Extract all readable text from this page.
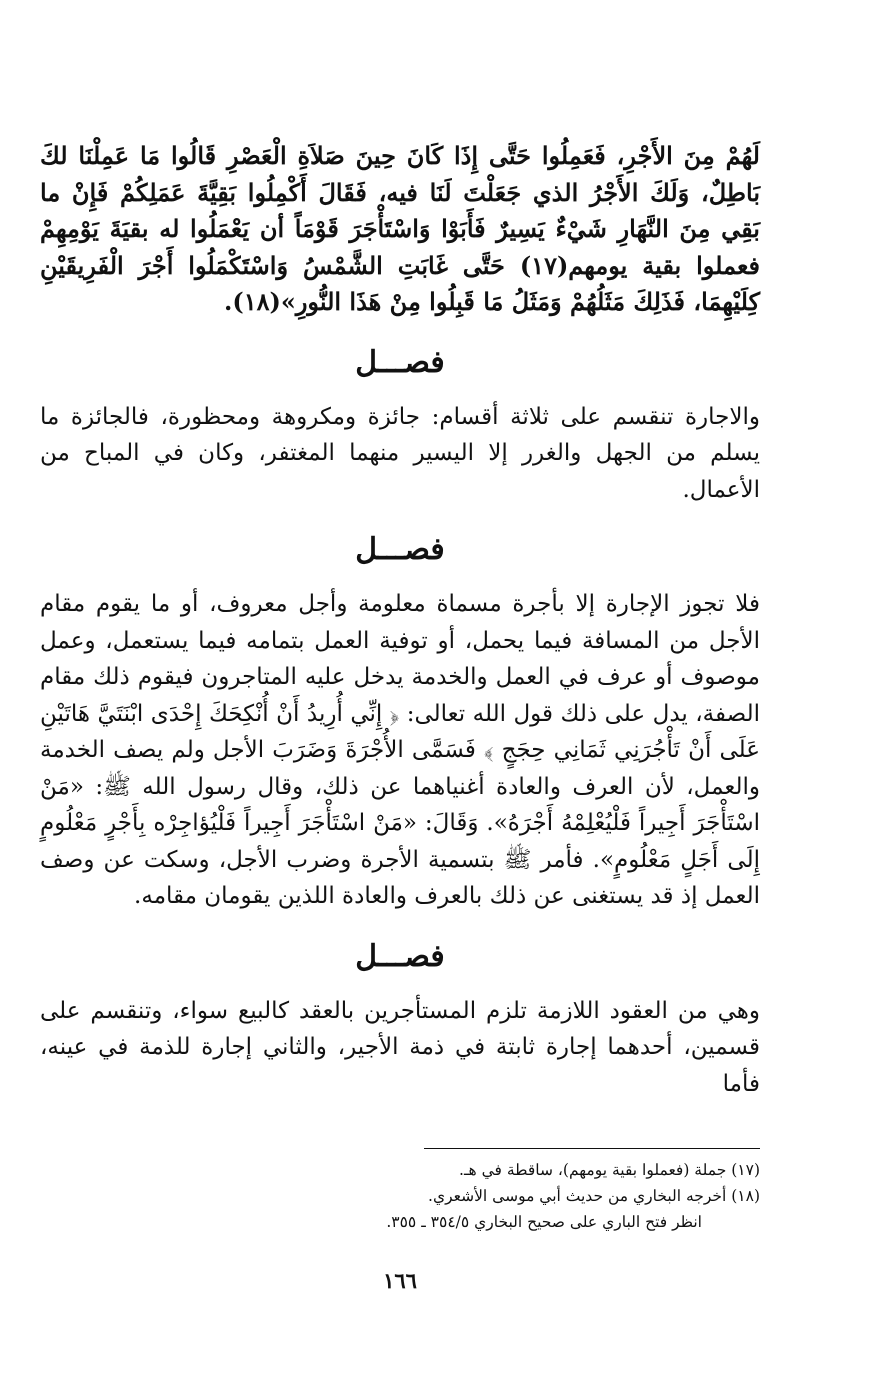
لَهُمْ مِنَ الأَجْرِ، فَعَمِلُوا حَتَّى إِذَا كَانَ حِينَ صَلاَةِ الْعَصْرِ قَالُوا مَا عَمِلْنَا لكَ بَاطِلٌ، وَلَكَ الأَجْرُ الذي جَعَلْتَ لَنَا فيه، فَقَالَ أَكْمِلُوا بَقِيَّةَ عَمَلِكُمْ فَإِنْ ما بَقِي مِنَ النَّهَارِ شَيْءٌ يَسِيرٌ فَأَبَوْا وَاسْتَأْجَرَ قَوْمَاً أن يَعْمَلُوا له بقيَةَ يَوْمِهِمْ فعملوا بقية يومهم(١٧) حَتَّى غَابَتِ الشَّمْسُ وَاسْتَكْمَلُوا أَجْرَ الْفَرِيقَيْنِ كِلَيْهِمَا، فَذَلِكَ مَثَلُهُمْ وَمَثَلُ مَا قَبِلُوا مِنْ هَذَا النُّورِ»(١٨).

فصـــل

والاجارة تنقسم على ثلاثة أقسام: جائزة ومكروهة ومحظورة، فالجائزة ما يسلم من الجهل والغرر إلا اليسير منهما المغتفر، وكان في المباح من الأعمال.

فصـــل

فلا تجوز الإجارة إلا بأجرة مسماة معلومة وأجل معروف، أو ما يقوم مقام الأجل من المسافة فيما يحمل، أو توفية العمل بتمامه فيما يستعمل، وعمل موصوف أو عرف في العمل والخدمة يدخل عليه المتاجرون فيقوم ذلك مقام الصفة، يدل على ذلك قول الله تعالى: ﴿ إِنِّي أُرِيدُ أَنْ أُنْكِحَكَ إِحْدَى ابْنَتَيَّ هَاتَيْنِ عَلَى أَنْ تَأْجُرَنِي ثَمَانِي حِجَجٍ ﴾ فَسَمَّى الأُجْرَةَ وَضَرَبَ الأجل ولم يصف الخدمة والعمل، لأن العرف والعادة أغنياهما عن ذلك، وقال رسول الله ﷺ: «مَنْ اسْتَأْجَرَ أَجِيراً فَلْيُعْلِمْهُ أَجْرَهُ». وَقَالَ: «مَنْ اسْتَأْجَرَ أَجِيراً فَلْيُؤاجِرْه بِأَجْرٍ مَعْلُومٍ إِلَى أَجَلٍ مَعْلُومٍ». فأمر ﷺ بتسمية الأجرة وضرب الأجل، وسكت عن وصف العمل إذ قد يستغنى عن ذلك بالعرف والعادة اللذين يقومان مقامه.

فصـــل

وهي من العقود اللازمة تلزم المستأجرين بالعقد كالبيع سواء، وتنقسم على قسمين، أحدهما إجارة ثابتة في ذمة الأجير، والثاني إجارة للذمة في عينه، فأما

(١٧) جملة (فعملوا بقية يومهم)، ساقطة في هـ.

(١٨) أخرجه البخاري من حديث أبي موسى الأشعري.

انظر فتح الباري على صحيح البخاري ٣٥٤/٥ ـ ٣٥٥.

١٦٦
